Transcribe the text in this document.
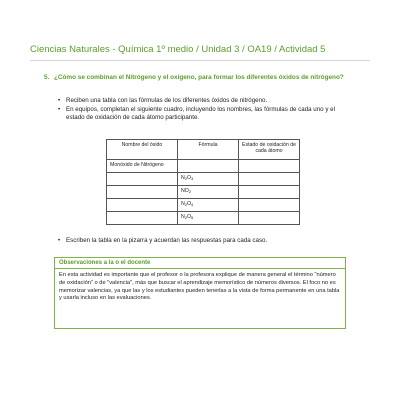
Ciencias Naturales - Química 1º medio / Unidad 3 / OA19 / Actividad 5
5. ¿Cómo se combinan el Nitrógeno y el oxígeno, para formar los diferentes óxidos de nitrógeno?
• Reciben una tabla con las fórmulas de los diferentes óxidos de nitrógeno.
• En equipos, completan el siguiente cuadro, incluyendo los nombres, las fórmulas de cada uno y el estado de oxidación de cada átomo participante.
Nombre del óxido	Fórmula	Estado de oxidación de cada átomo
Monóxido de Nitrógeno		
	$N_2O_3$	
	$NO_2$	
	$N_2O_4$	
	$N_2O_5$	
• Escriben la tabla en la pizarra y acuerdan las respuestas para cada caso.
Observaciones a la o el docente
En esta actividad es importante que el profesor o la profesora explique de manera general el término "número de oxidación" o de "valencia", más que buscar el aprendizaje memorístico de números diversos. El foco no es memorizar valencias, ya que las y los estudiantes pueden tenerlas a la vista de forma permanente en una tabla y usarla incluso en las evaluaciones.
